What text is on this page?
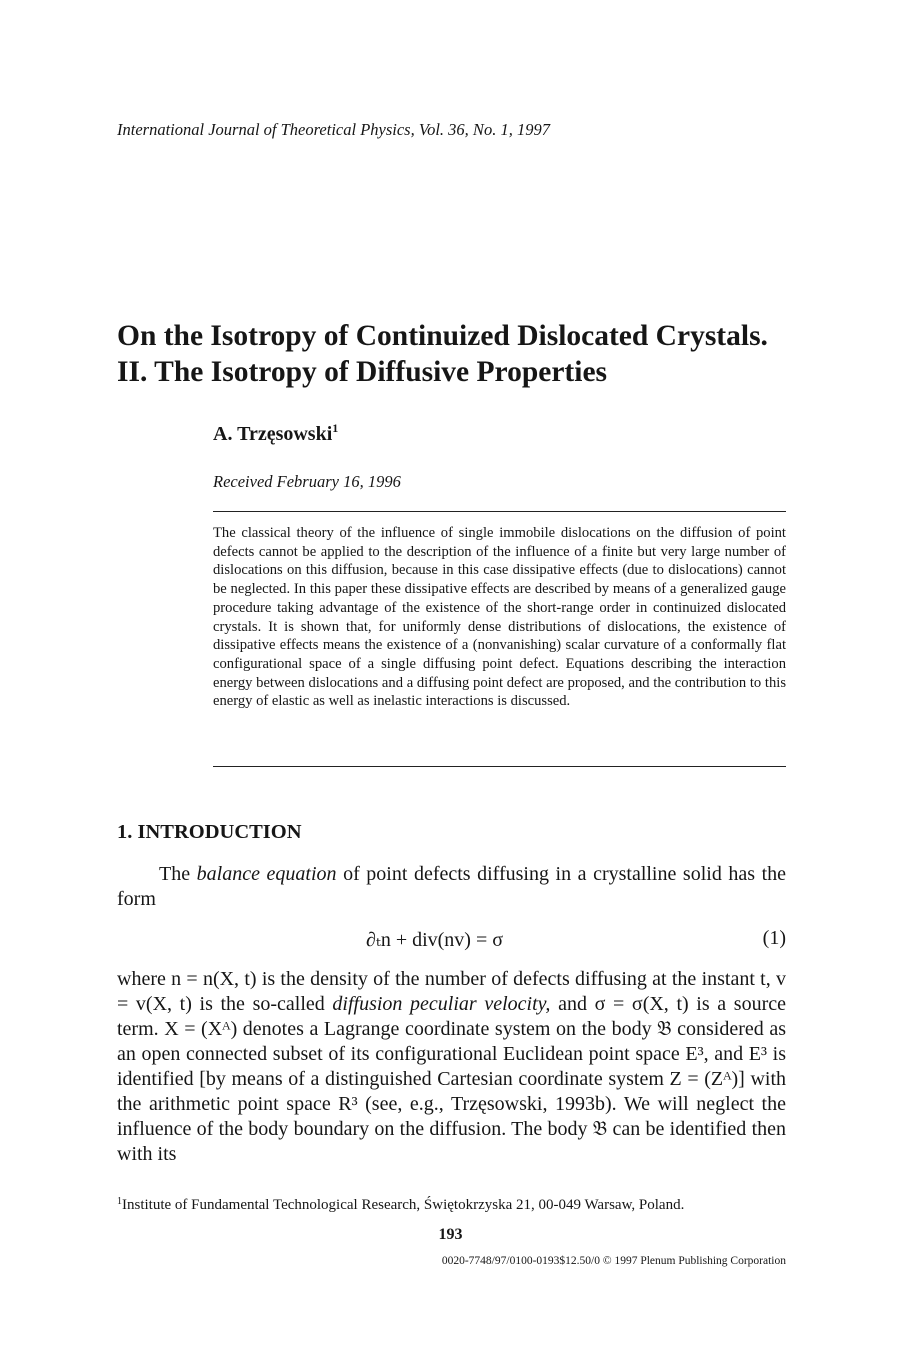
International Journal of Theoretical Physics, Vol. 36, No. 1, 1997
On the Isotropy of Continuized Dislocated Crystals.
II. The Isotropy of Diffusive Properties
A. Trzęsowski$^1$
Received February 16, 1996
The classical theory of the influence of single immobile dislocations on the diffusion of point defects cannot be applied to the description of the influence of a finite but very large number of dislocations on this diffusion, because in this case dissipative effects (due to dislocations) cannot be neglected. In this paper these dissipative effects are described by means of a generalized gauge procedure taking advantage of the existence of the short-range order in continuized dislocated crystals. It is shown that, for uniformly dense distributions of dislocations, the existence of dissipative effects means the existence of a (nonvanishing) scalar curvature of a conformally flat configurational space of a single diffusing point defect. Equations describing the interaction energy between dislocations and a diffusing point defect are proposed, and the contribution to this energy of elastic as well as inelastic interactions is discussed.
1. INTRODUCTION
The balance equation of point defects diffusing in a crystalline solid has the form
∂ₜn + div(nv) = σ	(1)
where n = n(X, t) is the density of the number of defects diffusing at the instant t, v = v(X, t) is the so-called diffusion peculiar velocity, and σ = σ(X, t) is a source term. X = (Xᴬ) denotes a Lagrange coordinate system on the body 𝔅 considered as an open connected subset of its configurational Euclidean point space E³, and E³ is identified [by means of a distinguished Cartesian coordinate system Z = (Zᴬ)] with the arithmetic point space R³ (see, e.g., Trzęsowski, 1993b). We will neglect the influence of the body boundary on the diffusion. The body 𝔅 can be identified then with its
$^1$Institute of Fundamental Technological Research, Świętokrzyska 21, 00-049 Warsaw, Poland.
193
0020-7748/97/0100-0193$12.50/0 © 1997 Plenum Publishing Corporation
